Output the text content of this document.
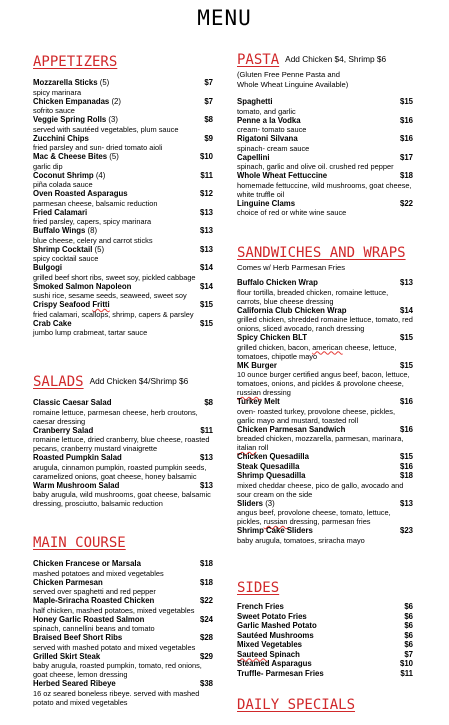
MENU
APPETIZERS
Mozzarella Sticks (5)	$7
spicy marinara
Chicken Empanadas (2)	$7
sofrito sauce
Veggie Spring Rolls (3)	$8
served with sautéed vegetables, plum sauce
Zucchini Chips	$9
fried parsley and sun- dried tomato aioli
Mac & Cheese Bites (5)	$10
garlic dip
Coconut Shrimp (4)	$11
piña colada sauce
Oven Roasted Asparagus	$12
parmesan cheese, balsamic reduction
Fried Calamari	$13
fried parsley, capers, spicy marinara
Buffalo Wings (8)	$13
blue cheese, celery and carrot sticks
Shrimp Cocktail (5)	$13
spicy cocktail sauce
Bulgogi	$14
grilled beef short ribs, sweet soy, pickled cabbage
Smoked Salmon Napoleon	$14
sushi rice, sesame seeds, seaweed, sweet soy
Crispy Seafood Fritti	$15
fried calamari, scallops, shrimp, capers & parsley
Crab Cake	$15
jumbo lump crabmeat, tartar sauce
SALADS Add Chicken $4/Shrimp $6
Classic Caesar Salad	$8
romaine lettuce, parmesan cheese, herb croutons, caesar dressing
Cranberry Salad	$11
romaine lettuce, dried cranberry, blue cheese, roasted pecans, cranberry mustard vinaigrette
Roasted Pumpkin Salad	$13
arugula, cinnamon pumpkin, roasted pumpkin seeds, caramelized onions, goat cheese, honey balsamic
Warm Mushroom Salad	$13
baby arugula, wild mushrooms, goat cheese, balsamic dressing, prosciutto, balsamic reduction
MAIN COURSE
Chicken Francese or Marsala	$18
mashed potatoes and mixed vegetables
Chicken Parmesan	$18
served over spaghetti and red pepper
Maple-Sriracha Roasted Chicken	$22
half chicken, mashed potatoes, mixed vegetables
Honey Garlic Roasted Salmon	$24
spinach, cannellini beans and tomato
Braised Beef Short Ribs	$28
served with mashed potato and mixed vegetables
Grilled Skirt Steak	$29
baby arugula, roasted pumpkin, tomato, red onions, goat cheese, lemon dressing
Herbed Seared Ribeye	$38
16 oz seared boneless ribeye. served with mashed potato and mixed vegetables
PASTA Add Chicken $4, Shrimp $6
(Gluten Free Penne Pasta and
Whole Wheat Linguine Available)
Spaghetti	$15
tomato, and garlic
Penne a la Vodka	$16
cream- tomato sauce
Rigatoni Silvana	$16
spinach- cream sauce
Capellini	$17
spinach, garlic and olive oil. crushed red pepper
Whole Wheat Fettuccine	$18
homemade fettuccine, wild mushrooms, goat cheese, white truffle oil
Linguine Clams	$22
choice of red or white wine sauce
SANDWICHES AND WRAPS
Comes w/ Herb Parmesan Fries
Buffalo Chicken Wrap	$13
flour tortilla, breaded chicken, romaine lettuce, carrots, blue cheese dressing
California Club Chicken Wrap	$14
grilled chicken, shredded romaine lettuce, tomato, red onions, sliced avocado, ranch dressing
Spicy Chicken BLT	$15
grilled chicken, bacon, american cheese, lettuce, tomatoes, chipotle mayo
MK Burger	$15
10 ounce burger certified angus beef, bacon, lettuce, tomatoes, onions, and pickles & provolone cheese, russian dressing
Turkey Melt	$16
oven- roasted turkey, provolone cheese, pickles, garlic mayo and mustard, toasted roll
Chicken Parmesan Sandwich	$16
breaded chicken, mozzarella, parmesan, marinara, italian roll
Chicken Quesadilla	$15
Steak Quesadilla	$16
Shrimp Quesadilla	$18
mixed cheddar cheese, pico de gallo, avocado and sour cream on the side
Sliders (3)	$13
angus beef, provolone cheese, tomato, lettuce, pickles, russian dressing, parmesan fries
Shrimp Cake Sliders	$23
baby arugula, tomatoes, sriracha mayo
SIDES
French Fries	$6
Sweet Potato Fries	$6
Garlic Mashed Potato	$6
Sautéed Mushrooms	$6
Mixed Vegetables	$6
Sauteed Spinach	$7
Steamed Asparagus	$10
Truffle- Parmesan Fries	$11
DAILY SPECIALS
